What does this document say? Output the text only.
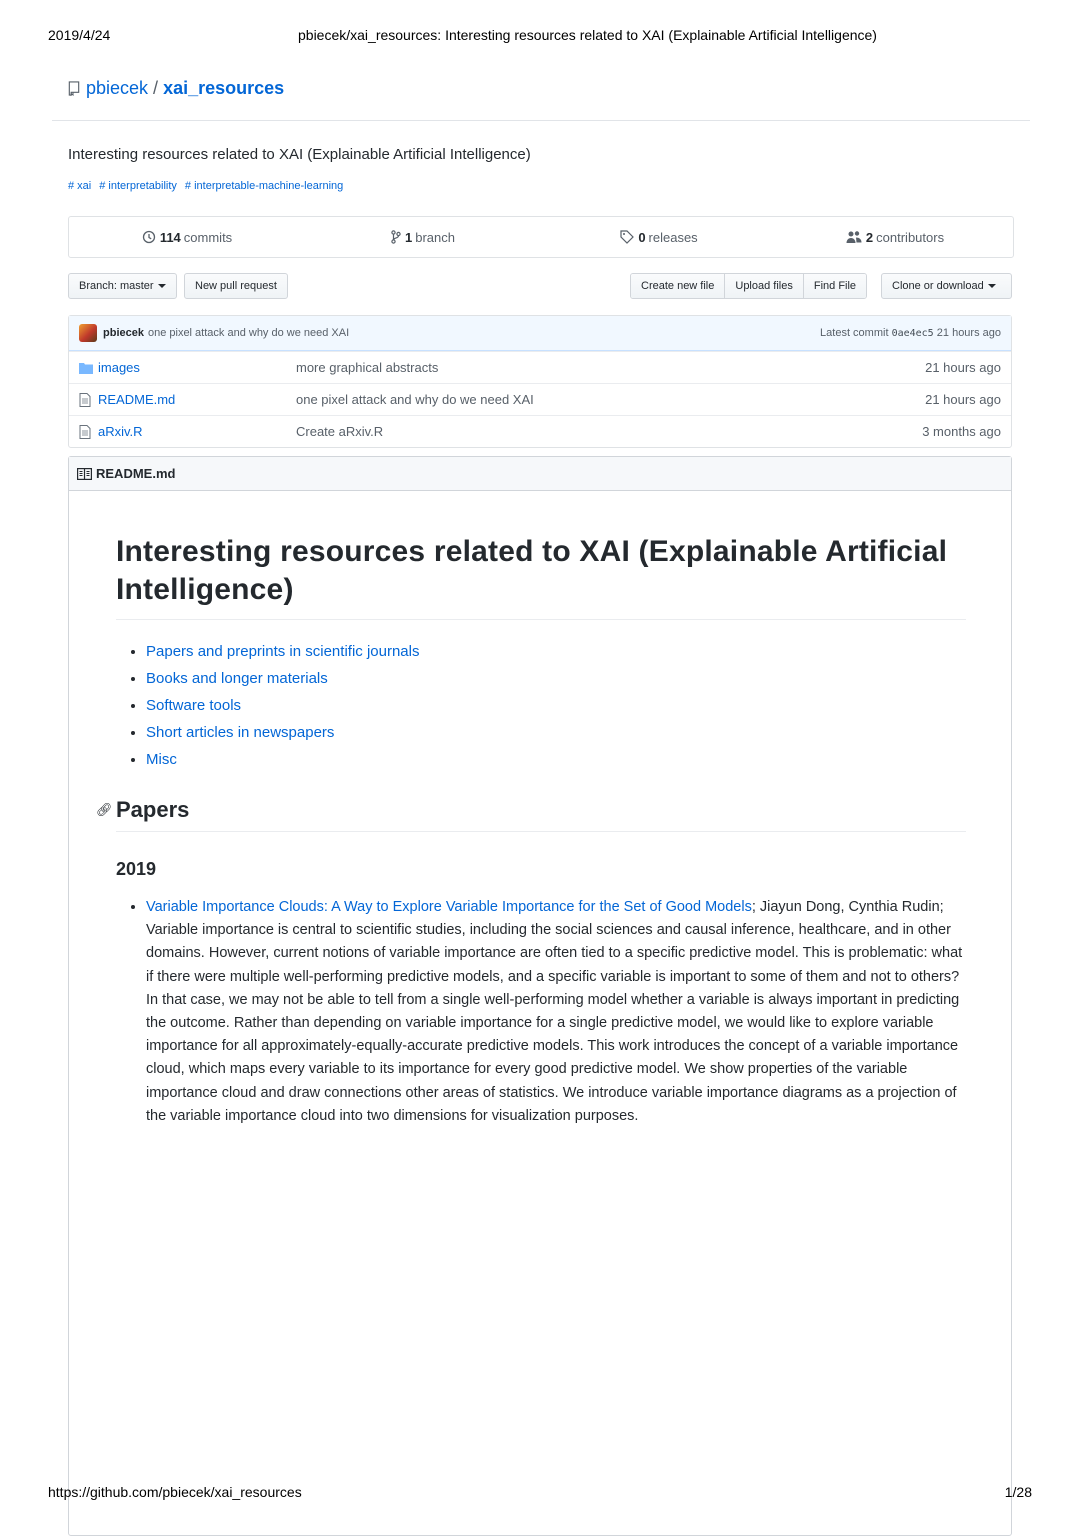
2019/4/24	pbiecek/xai_resources: Interesting resources related to XAI (Explainable Artificial Intelligence)
pbiecek / xai_resources
Interesting resources related to XAI (Explainable Artificial Intelligence)
# xai # interpretability # interpretable-machine-learning
114 commits	1 branch	0 releases	2 contributors
Branch: master	New pull request	Create new file	Upload files	Find File	Clone or download
pbiecek one pixel attack and why do we need XAI	Latest commit 0ae4ec5 21 hours ago
images	more graphical abstracts	21 hours ago
README.md	one pixel attack and why do we need XAI	21 hours ago
aRxiv.R	Create aRxiv.R	3 months ago
README.md
Interesting resources related to XAI (Explainable Artificial Intelligence)
• Papers and preprints in scientific journals
• Books and longer materials
• Software tools
• Short articles in newspapers
• Misc
🔗︎ Papers
2019
• Variable Importance Clouds: A Way to Explore Variable Importance for the Set of Good Models; Jiayun Dong, Cynthia Rudin; Variable importance is central to scientific studies, including the social sciences and causal inference, healthcare, and in other domains. However, current notions of variable importance are often tied to a specific predictive model. This is problematic: what if there were multiple well-performing predictive models, and a specific variable is important to some of them and not to others? In that case, we may not be able to tell from a single well-performing model whether a variable is always important in predicting the outcome. Rather than depending on variable importance for a single predictive model, we would like to explore variable importance for all approximately-equally-accurate predictive models. This work introduces the concept of a variable importance cloud, which maps every variable to its importance for every good predictive model. We show properties of the variable importance cloud and draw connections other areas of statistics. We introduce variable importance diagrams as a projection of the variable importance cloud into two dimensions for visualization purposes.
https://github.com/pbiecek/xai_resources	1/28
